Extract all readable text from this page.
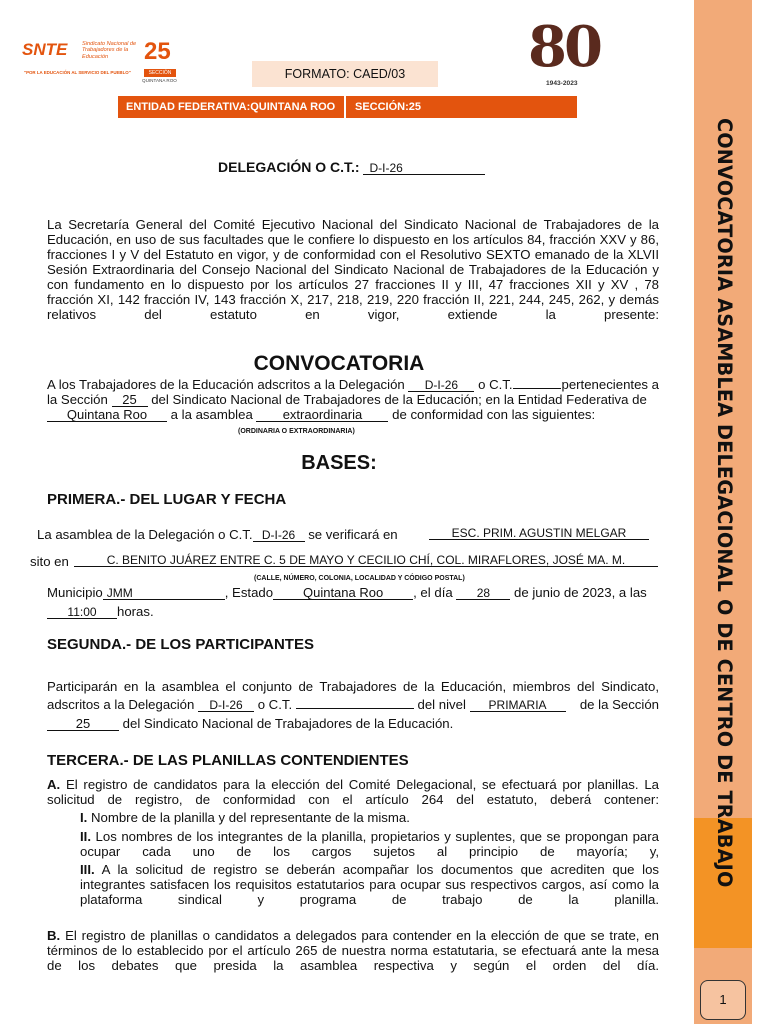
CONVOCATORIA ASAMBLEA DELEGACIONAL O DE CENTRO DE TRABAJO
1
SNTE	Sindicato Nacional de Trabajadores de la Educación	25
SECCIÓN
QUINTANA ROO
"POR LA EDUCACIÓN AL SERVICIO DEL PUEBLO"	80
1943-2023
FORMATO: CAED/03
ENTIDAD FEDERATIVA:QUINTANA ROO SECCIÓN:25
DELEGACIÓN O C.T.: D-I-26
La Secretaría General del Comité Ejecutivo Nacional del Sindicato Nacional de Trabajadores de la Educación, en uso de sus facultades que le confiere lo dispuesto en los artículos 84, fracción XXV y 86, fracciones I y V del Estatuto en vigor, y de conformidad con el Resolutivo SEXTO emanado de la XLVII Sesión Extraordinaria del Consejo Nacional del Sindicato Nacional de Trabajadores de la Educación y con fundamento en lo dispuesto por los artículos 27 fracciones II y III, 47 fracciones XII y XV , 78 fracción XI, 142 fracción IV, 143 fracción X, 217, 218, 219, 220 fracción II, 221, 244, 245, 262, y demás relativos del estatuto en vigor, extiende la presente:
CONVOCATORIA
A los Trabajadores de la Educación adscritos a la Delegación D-I-26 o C.T.	pertenecientes a
la Sección 25 del Sindicato Nacional de Trabajadores de la Educación; en la Entidad Federativa de
Quintana Roo a la asamblea extraordinaria de conformidad con las siguientes:
(ORDINARIA O EXTRAORDINARIA)
BASES:
PRIMERA.- DEL LUGAR Y FECHA
La asamblea de la Delegación o C.T. D-I-26 se verificará en	ESC. PRIM. AGUSTIN MELGAR
sito en	C. BENITO JUÁREZ ENTRE C. 5 DE MAYO Y CECILIO CHÍ, COL. MIRAFLORES, JOSÉ MA. M.
(CALLE, NÚMERO, COLONIA, LOCALIDAD Y CÓDIGO POSTAL)
Municipio JMM	, Estado Quintana Roo , el día 28 de junio de 2023, a las
11:00 horas.
SEGUNDA.- DE LOS PARTICIPANTES
Participarán en la asamblea el conjunto de Trabajadores de la Educación, miembros del Sindicato,
adscritos a la Delegación D-I-26 o C.T.	del nivel PRIMARIA	de la Sección
25 del Sindicato Nacional de Trabajadores de la Educación.
TERCERA.- DE LAS PLANILLAS CONTENDIENTES
A. El registro de candidatos para la elección del Comité Delegacional, se efectuará por planillas. La solicitud de registro, de conformidad con el artículo 264 del estatuto, deberá contener:
I. Nombre de la planilla y del representante de la misma.
II. Los nombres de los integrantes de la planilla, propietarios y suplentes, que se propongan para ocupar cada uno de los cargos sujetos al principio de mayoría; y,
III. A la solicitud de registro se deberán acompañar los documentos que acrediten que los integrantes satisfacen los requisitos estatutarios para ocupar sus respectivos cargos, así como la plataforma sindical y programa de trabajo de la planilla.
B. El registro de planillas o candidatos a delegados para contender en la elección de que se trate, en términos de lo establecido por el artículo 265 de nuestra norma estatutaria, se efectuará ante la mesa de los debates que presida la asamblea respectiva y según el orden del día.
